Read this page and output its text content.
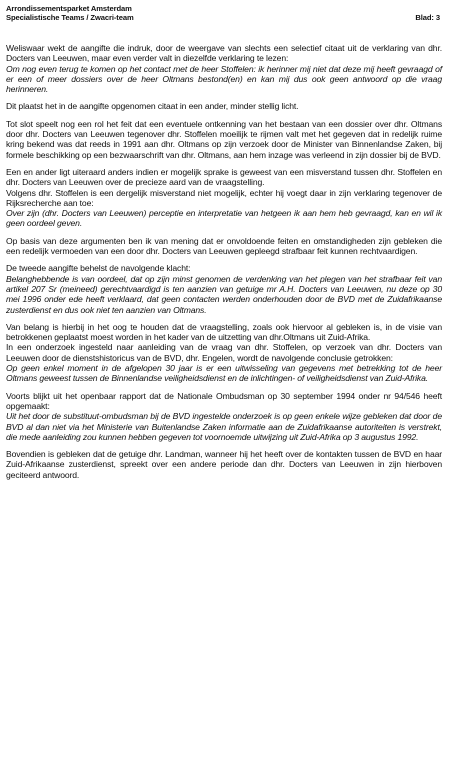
Arrondissementsparket Amsterdam
Specialistische Teams / Zwacri-team	Blad: 3

Weliswaar wekt de aangifte die indruk, door de weergave van slechts een selectief citaat uit de verklaring van dhr. Docters van Leeuwen, maar even verder valt in diezelfde verklaring te lezen:

Om nog even terug te komen op het contact met de heer Stoffelen: ik herinner mij niet dat deze mij heeft gevraagd of er een of meer dossiers over de heer Oltmans bestond(en) en kan mij dus ook geen antwoord op die vraag herinneren.

Dit plaatst het in de aangifte opgenomen citaat in een ander, minder stellig licht.

Tot slot speelt nog een rol het feit dat een eventuele ontkenning van het bestaan van een dossier over dhr. Oltmans door dhr. Docters van Leeuwen tegenover dhr. Stoffelen moeilijk te rijmen valt met het gegeven dat in redelijk ruime kring bekend was dat reeds in 1991 aan dhr. Oltmans op zijn verzoek door de Minister van Binnenlandse Zaken, bij formele beschikking op een bezwaarschrift van dhr. Oltmans, aan hem inzage was verleend in zijn dossier bij de BVD.

Een en ander ligt uiteraard anders indien er mogelijk sprake is geweest van een misverstand tussen dhr. Stoffelen en dhr. Docters van Leeuwen over de precieze aard van de vraagstelling.

Volgens dhr. Stoffelen is een dergelijk misverstand niet mogelijk, echter hij voegt daar in zijn verklaring tegenover de Rijksrecherche aan toe:

Over zijn (dhr. Docters van Leeuwen) perceptie en interpretatie van hetgeen ik aan hem heb gevraagd, kan en wil ik geen oordeel geven.

Op basis van deze argumenten ben ik van mening dat er onvoldoende feiten en omstandigheden zijn gebleken die een redelijk vermoeden van een door dhr. Docters van Leeuwen gepleegd strafbaar feit kunnen rechtvaardigen.

De tweede aangifte behelst de navolgende klacht:

Belanghebbende is van oordeel, dat op zijn minst genomen de verdenking van het plegen van het strafbaar feit van artikel 207 Sr (meineed) gerechtvaardigd is ten aanzien van getuige mr A.H. Docters van Leeuwen, nu deze op 30 mei 1996 onder ede heeft verklaard, dat geen contacten werden onderhouden door de BVD met de Zuidafrikaanse zusterdienst en dus ook niet ten aanzien van Oltmans.

Van belang is hierbij in het oog te houden dat de vraagstelling, zoals ook hiervoor al gebleken is, in de visie van betrokkenen geplaatst moest worden in het kader van de uitzetting van dhr.Oltmans uit Zuid-Afrika.

In een onderzoek ingesteld naar aanleiding van de vraag van dhr. Stoffelen, op verzoek van dhr. Docters van Leeuwen door de dienstshistoricus van de BVD, dhr. Engelen, wordt de navolgende conclusie getrokken:

Op geen enkel moment in de afgelopen 30 jaar is er een uitwisseling van gegevens met betrekking tot de heer Oltmans geweest tussen de Binnenlandse veiligheidsdienst en de inlichtingen- of veiligheidsdienst van Zuid-Afrika.

Voorts blijkt uit het openbaar rapport dat de Nationale Ombudsman op 30 september 1994 onder nr 94/546 heeft opgemaakt:

Uit het door de substituut-ombudsman bij de BVD ingestelde onderzoek is op geen enkele wijze gebleken dat door de BVD al dan niet via het Ministerie van Buitenlandse Zaken informatie aan de Zuidafrikaanse autoriteiten is verstrekt, die mede aanleiding zou kunnen hebben gegeven tot voornoemde uitwijzing uit Zuid-Afrika op 3 augustus 1992.

Bovendien is gebleken dat de getuige dhr. Landman, wanneer hij het heeft over de kontakten tussen de BVD en haar Zuid-Afrikaanse zusterdienst, spreekt over een andere periode dan dhr. Docters van Leeuwen in zijn hierboven geciteerd antwoord.
